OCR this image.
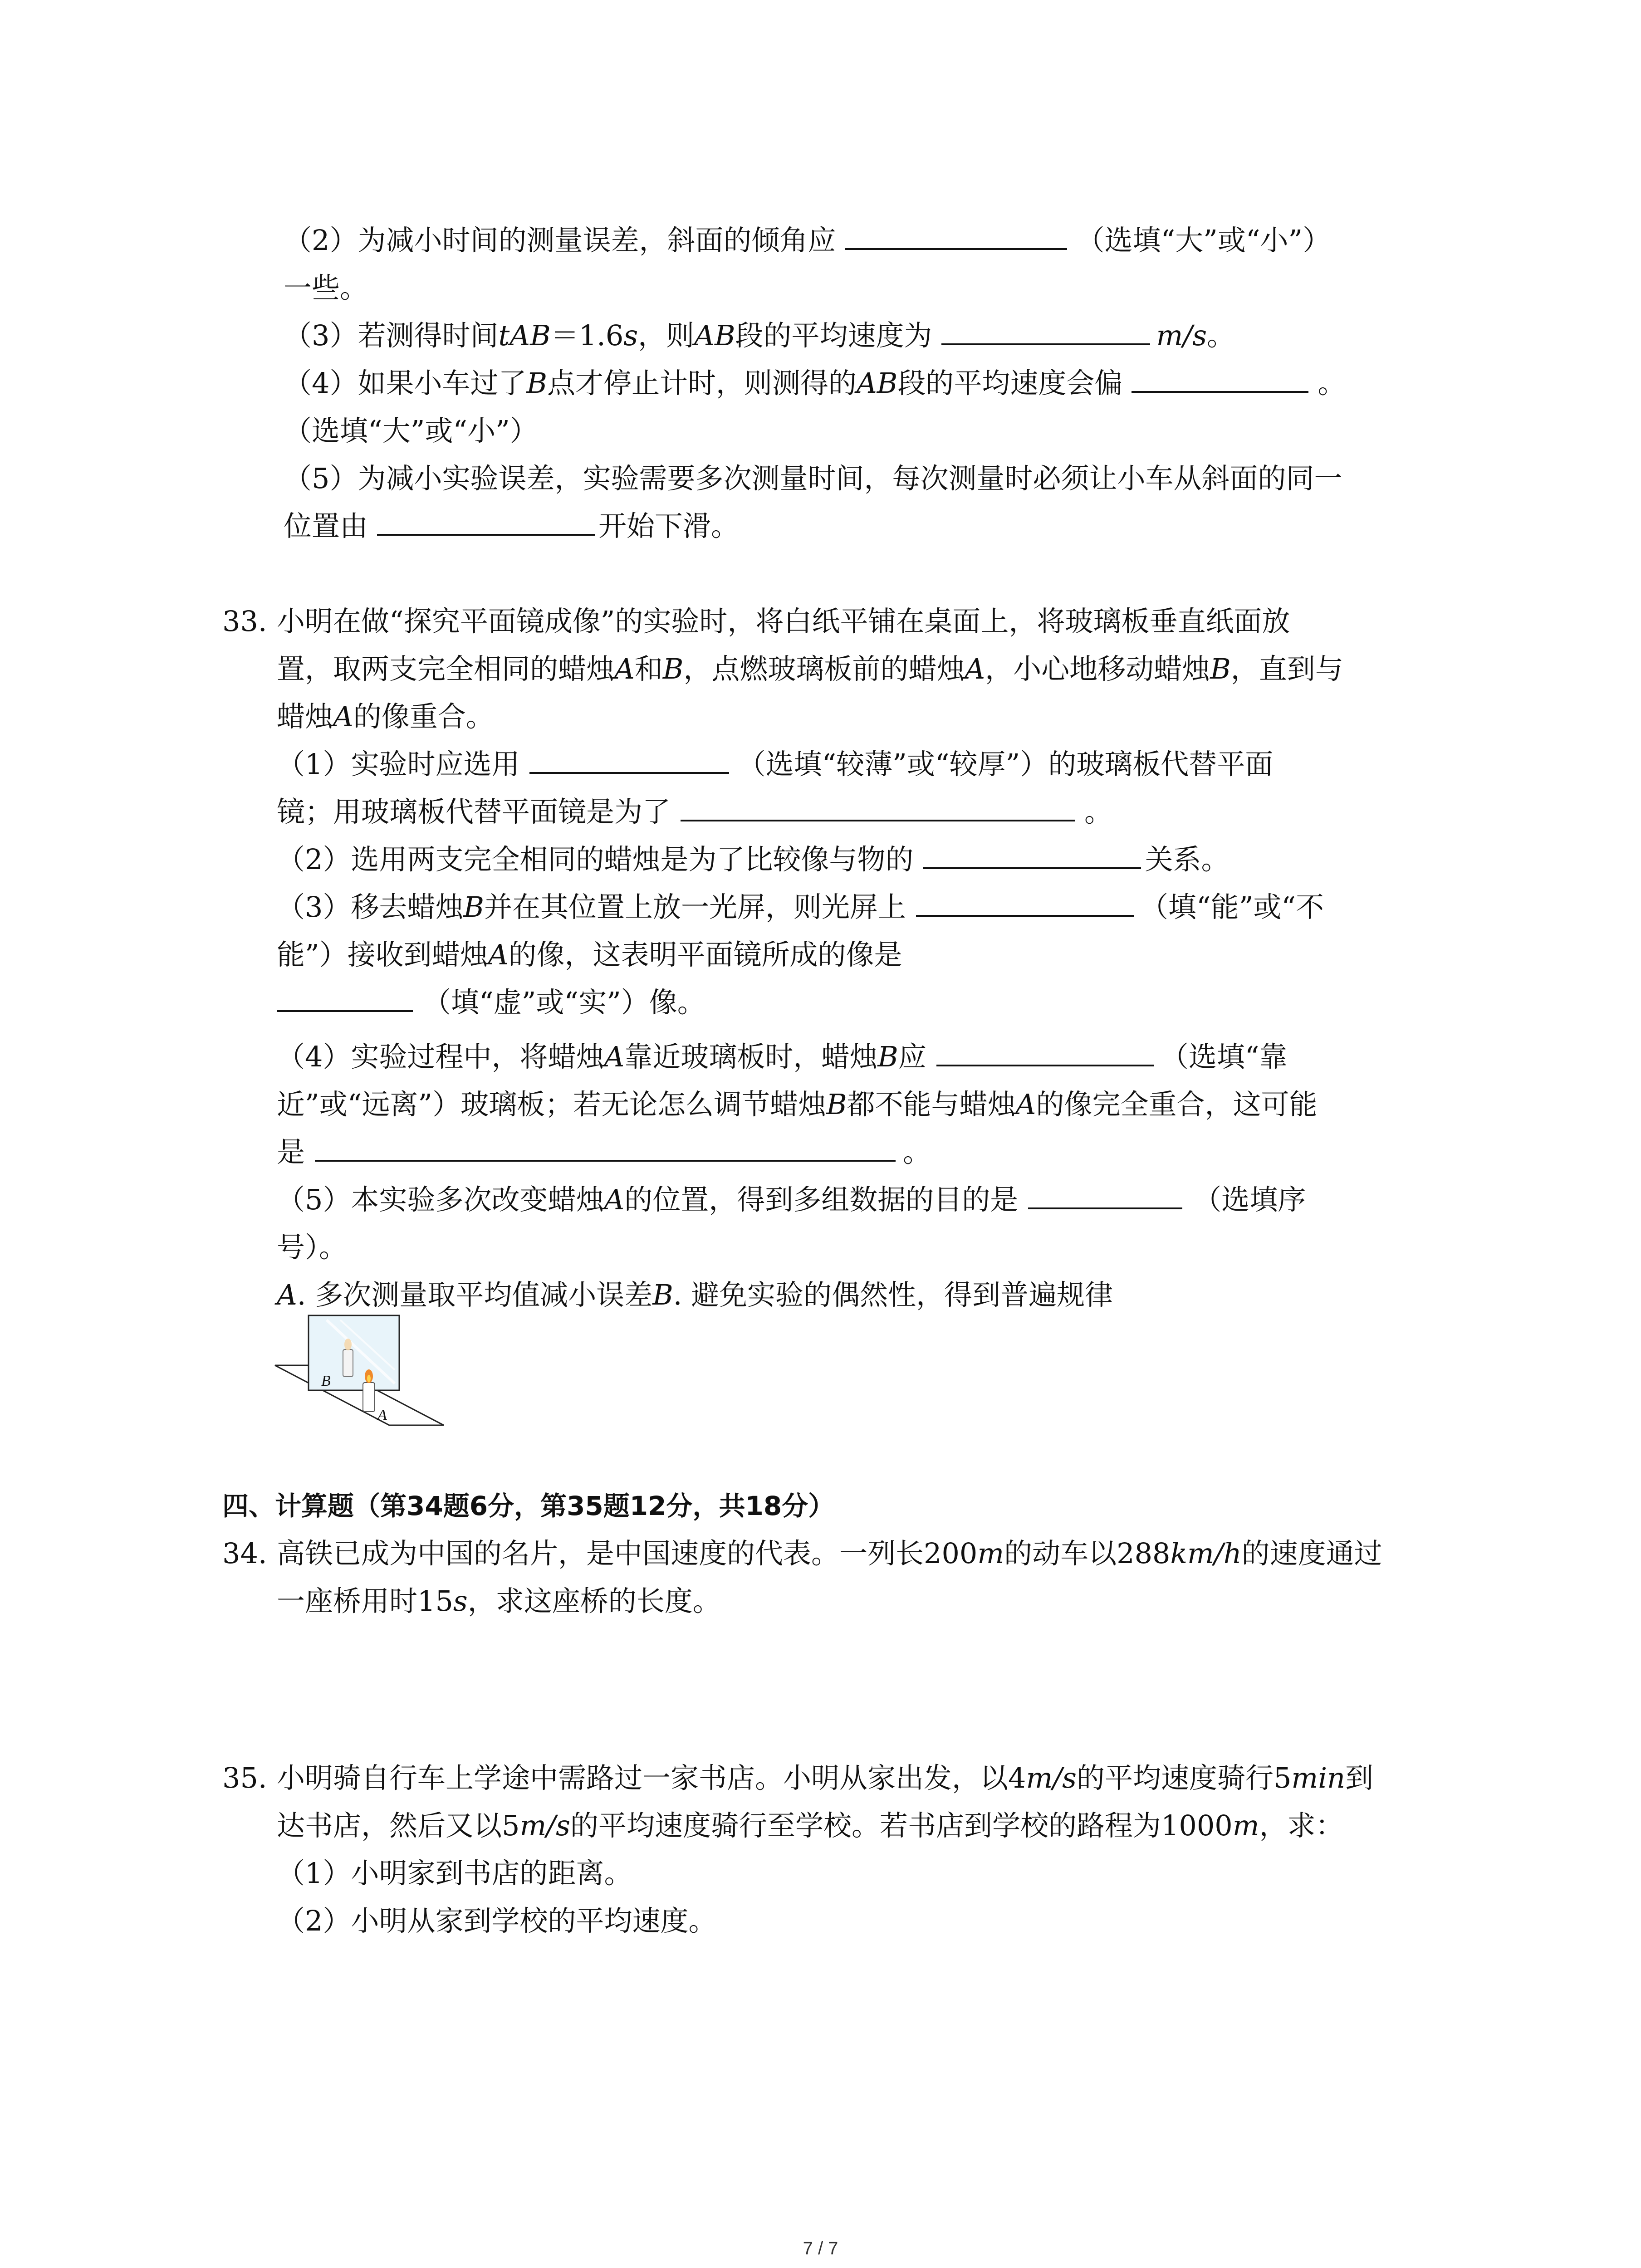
（2）为减小时间的测量误差，斜面的倾角应	（选填“大”或“小”）
一些。
（3）若测得时间tAB＝1.6s，则AB段的平均速度为	m/s。
（4）如果小车过了B点才停止计时，则测得的AB段的平均速度会偏	。
（选填“大”或“小”）
（5）为减小实验误差，实验需要多次测量时间，每次测量时必须让小车从斜面的同一
位置由	开始下滑。
33. 小明在做“探究平面镜成像”的实验时，将白纸平铺在桌面上，将玻璃板垂直纸面放
置，取两支完全相同的蜡烛A和B，点燃玻璃板前的蜡烛A，小心地移动蜡烛B，直到与
蜡烛A的像重合。
（1）实验时应选用	（选填“较薄”或“较厚”）的玻璃板代替平面
镜；用玻璃板代替平面镜是为了	。
（2）选用两支完全相同的蜡烛是为了比较像与物的	关系。
（3）移去蜡烛B并在其位置上放一光屏，则光屏上	（填“能”或“不
能”）接收到蜡烛A的像，这表明平面镜所成的像是
（填“虚”或“实”）像。
（4）实验过程中，将蜡烛A靠近玻璃板时，蜡烛B应	（选填“靠
近”或“远离”）玻璃板；若无论怎么调节蜡烛B都不能与蜡烛A的像完全重合，这可能
是	。
（5）本实验多次改变蜡烛A的位置，得到多组数据的目的是	（选填序
号）。
A. 多次测量取平均值减小误差B. 避免实验的偶然性，得到普遍规律
B
A
四、计算题（第34题6分，第35题12分，共18分）
34. 高铁已成为中国的名片，是中国速度的代表。一列长200m的动车以288km/h的速度通过
一座桥用时15s，求这座桥的长度。
35. 小明骑自行车上学途中需路过一家书店。小明从家出发，以4m/s的平均速度骑行5min到
达书店，然后又以5m/s的平均速度骑行至学校。若书店到学校的路程为1000m，求：
（1）小明家到书店的距离。
（2）小明从家到学校的平均速度。
7 / 7
